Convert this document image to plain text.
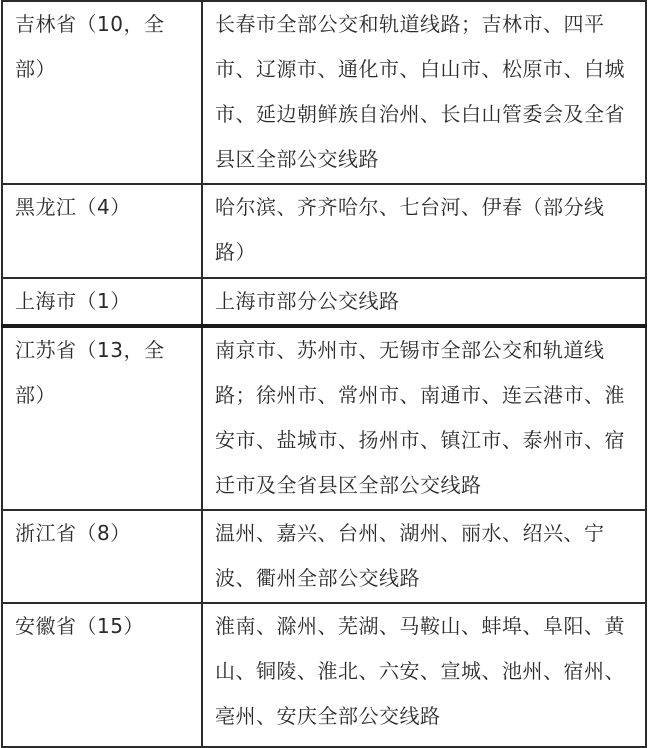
吉林省（10，全部）	长春市全部公交和轨道线路；吉林市、四平市、辽源市、通化市、白山市、松原市、白城市、延边朝鲜族自治州、长白山管委会及全省县区全部公交线路

黑龙江（4）	哈尔滨、齐齐哈尔、七台河、伊春（部分线路）

上海市（1）	上海市部分公交线路

江苏省（13，全部）	南京市、苏州市、无锡市全部公交和轨道线路；徐州市、常州市、南通市、连云港市、淮安市、盐城市、扬州市、镇江市、泰州市、宿迁市及全省县区全部公交线路

浙江省（8）	温州、嘉兴、台州、湖州、丽水、绍兴、宁波、衢州全部公交线路

安徽省（15）	淮南、滁州、芜湖、马鞍山、蚌埠、阜阳、黄山、铜陵、淮北、六安、宣城、池州、宿州、亳州、安庆全部公交线路
